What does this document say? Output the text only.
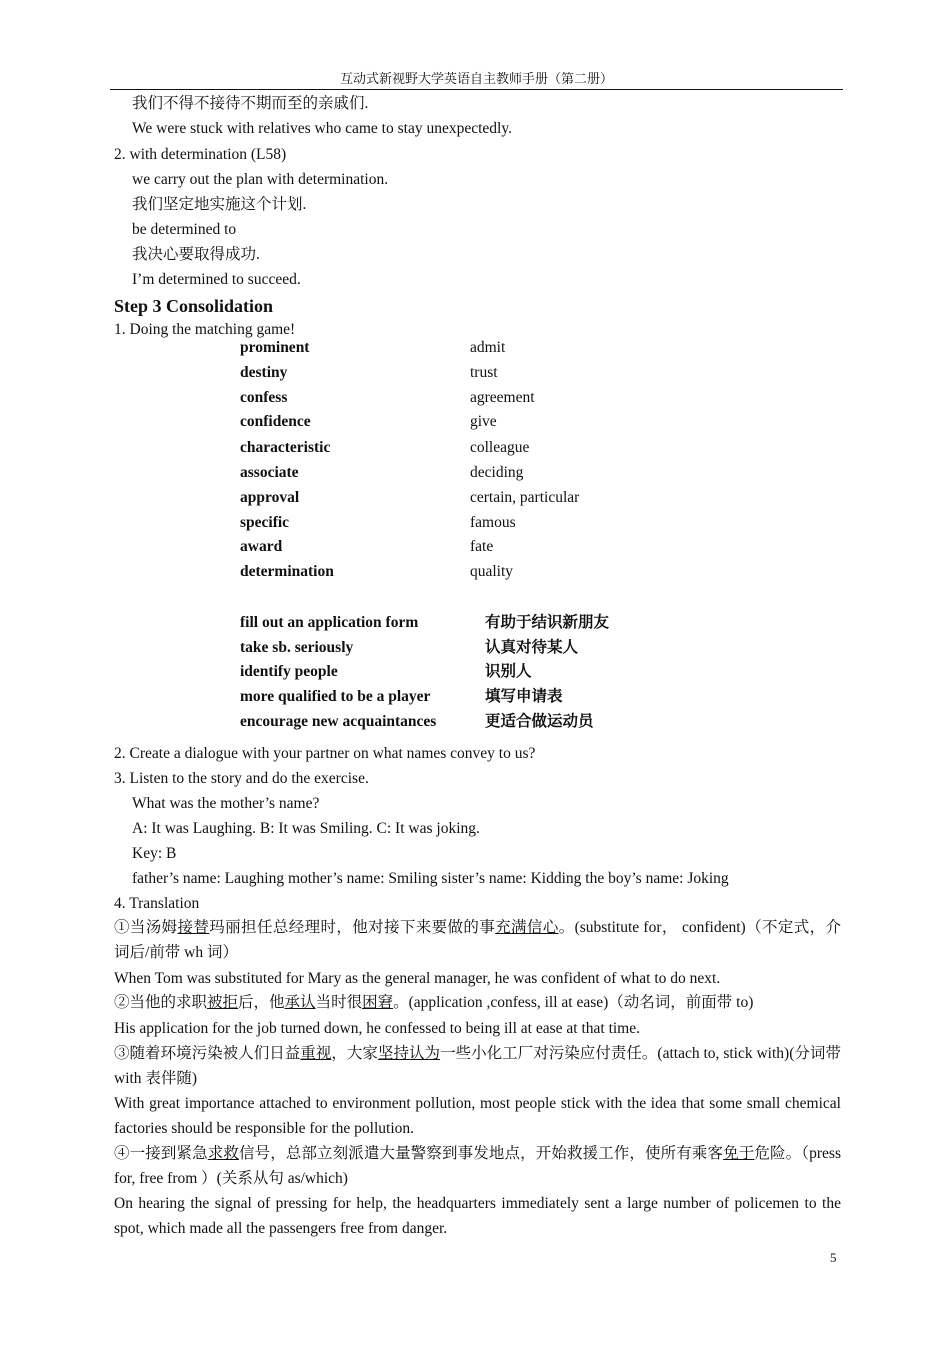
互动式新视野大学英语自主教师手册（第二册）
我们不得不接待不期而至的亲戚们.
We were stuck with relatives who came to stay unexpectedly.
2. with determination (L58)
we carry out the plan with determination.
我们坚定地实施这个计划.
be determined to
我决心要取得成功.
I’m determined to succeed.
Step 3 Consolidation
1. Doing the matching game!
prominent	admit
destiny	trust
confess	agreement
confidence	give
characteristic	colleague
associate	deciding
approval	certain, particular
specific	famous
award	fate
determination	quality
fill out an application form	有助于结识新朋友
take sb. seriously	认真对待某人
identify people	识别人
more qualified to be a player	填写申请表
encourage new acquaintances	更适合做运动员
2. Create a dialogue with your partner on what names convey to us?
3. Listen to the story and do the exercise.
What was the mother’s name?
A: It was Laughing. B: It was Smiling. C: It was joking.
Key: B
father’s name: Laughing mother’s name: Smiling sister’s name: Kidding the boy’s name: Joking
4. Translation
①当汤姆接替玛丽担任总经理时，他对接下来要做的事充满信心。(substitute for， confident)（不定式，介词后/前带 wh 词）
When Tom was substituted for Mary as the general manager, he was confident of what to do next.
②当他的求职被拒后，他承认当时很困窘。(application ,confess, ill at ease)（动名词，前面带 to)
His application for the job turned down, he confessed to being ill at ease at that time.
③随着环境污染被人们日益重视，大家坚持认为一些小化工厂对污染应付责任。(attach to, stick with)(分词带 with 表伴随)
With great importance attached to environment pollution, most people stick with the idea that some small chemical factories should be responsible for the pollution.
④一接到紧急求救信号，总部立刻派遣大量警察到事发地点，开始救援工作，使所有乘客免于危险。（press for, free from ）(关系从句 as/which)
On hearing the signal of pressing for help, the headquarters immediately sent a large number of policemen to the spot, which made all the passengers free from danger.
5
